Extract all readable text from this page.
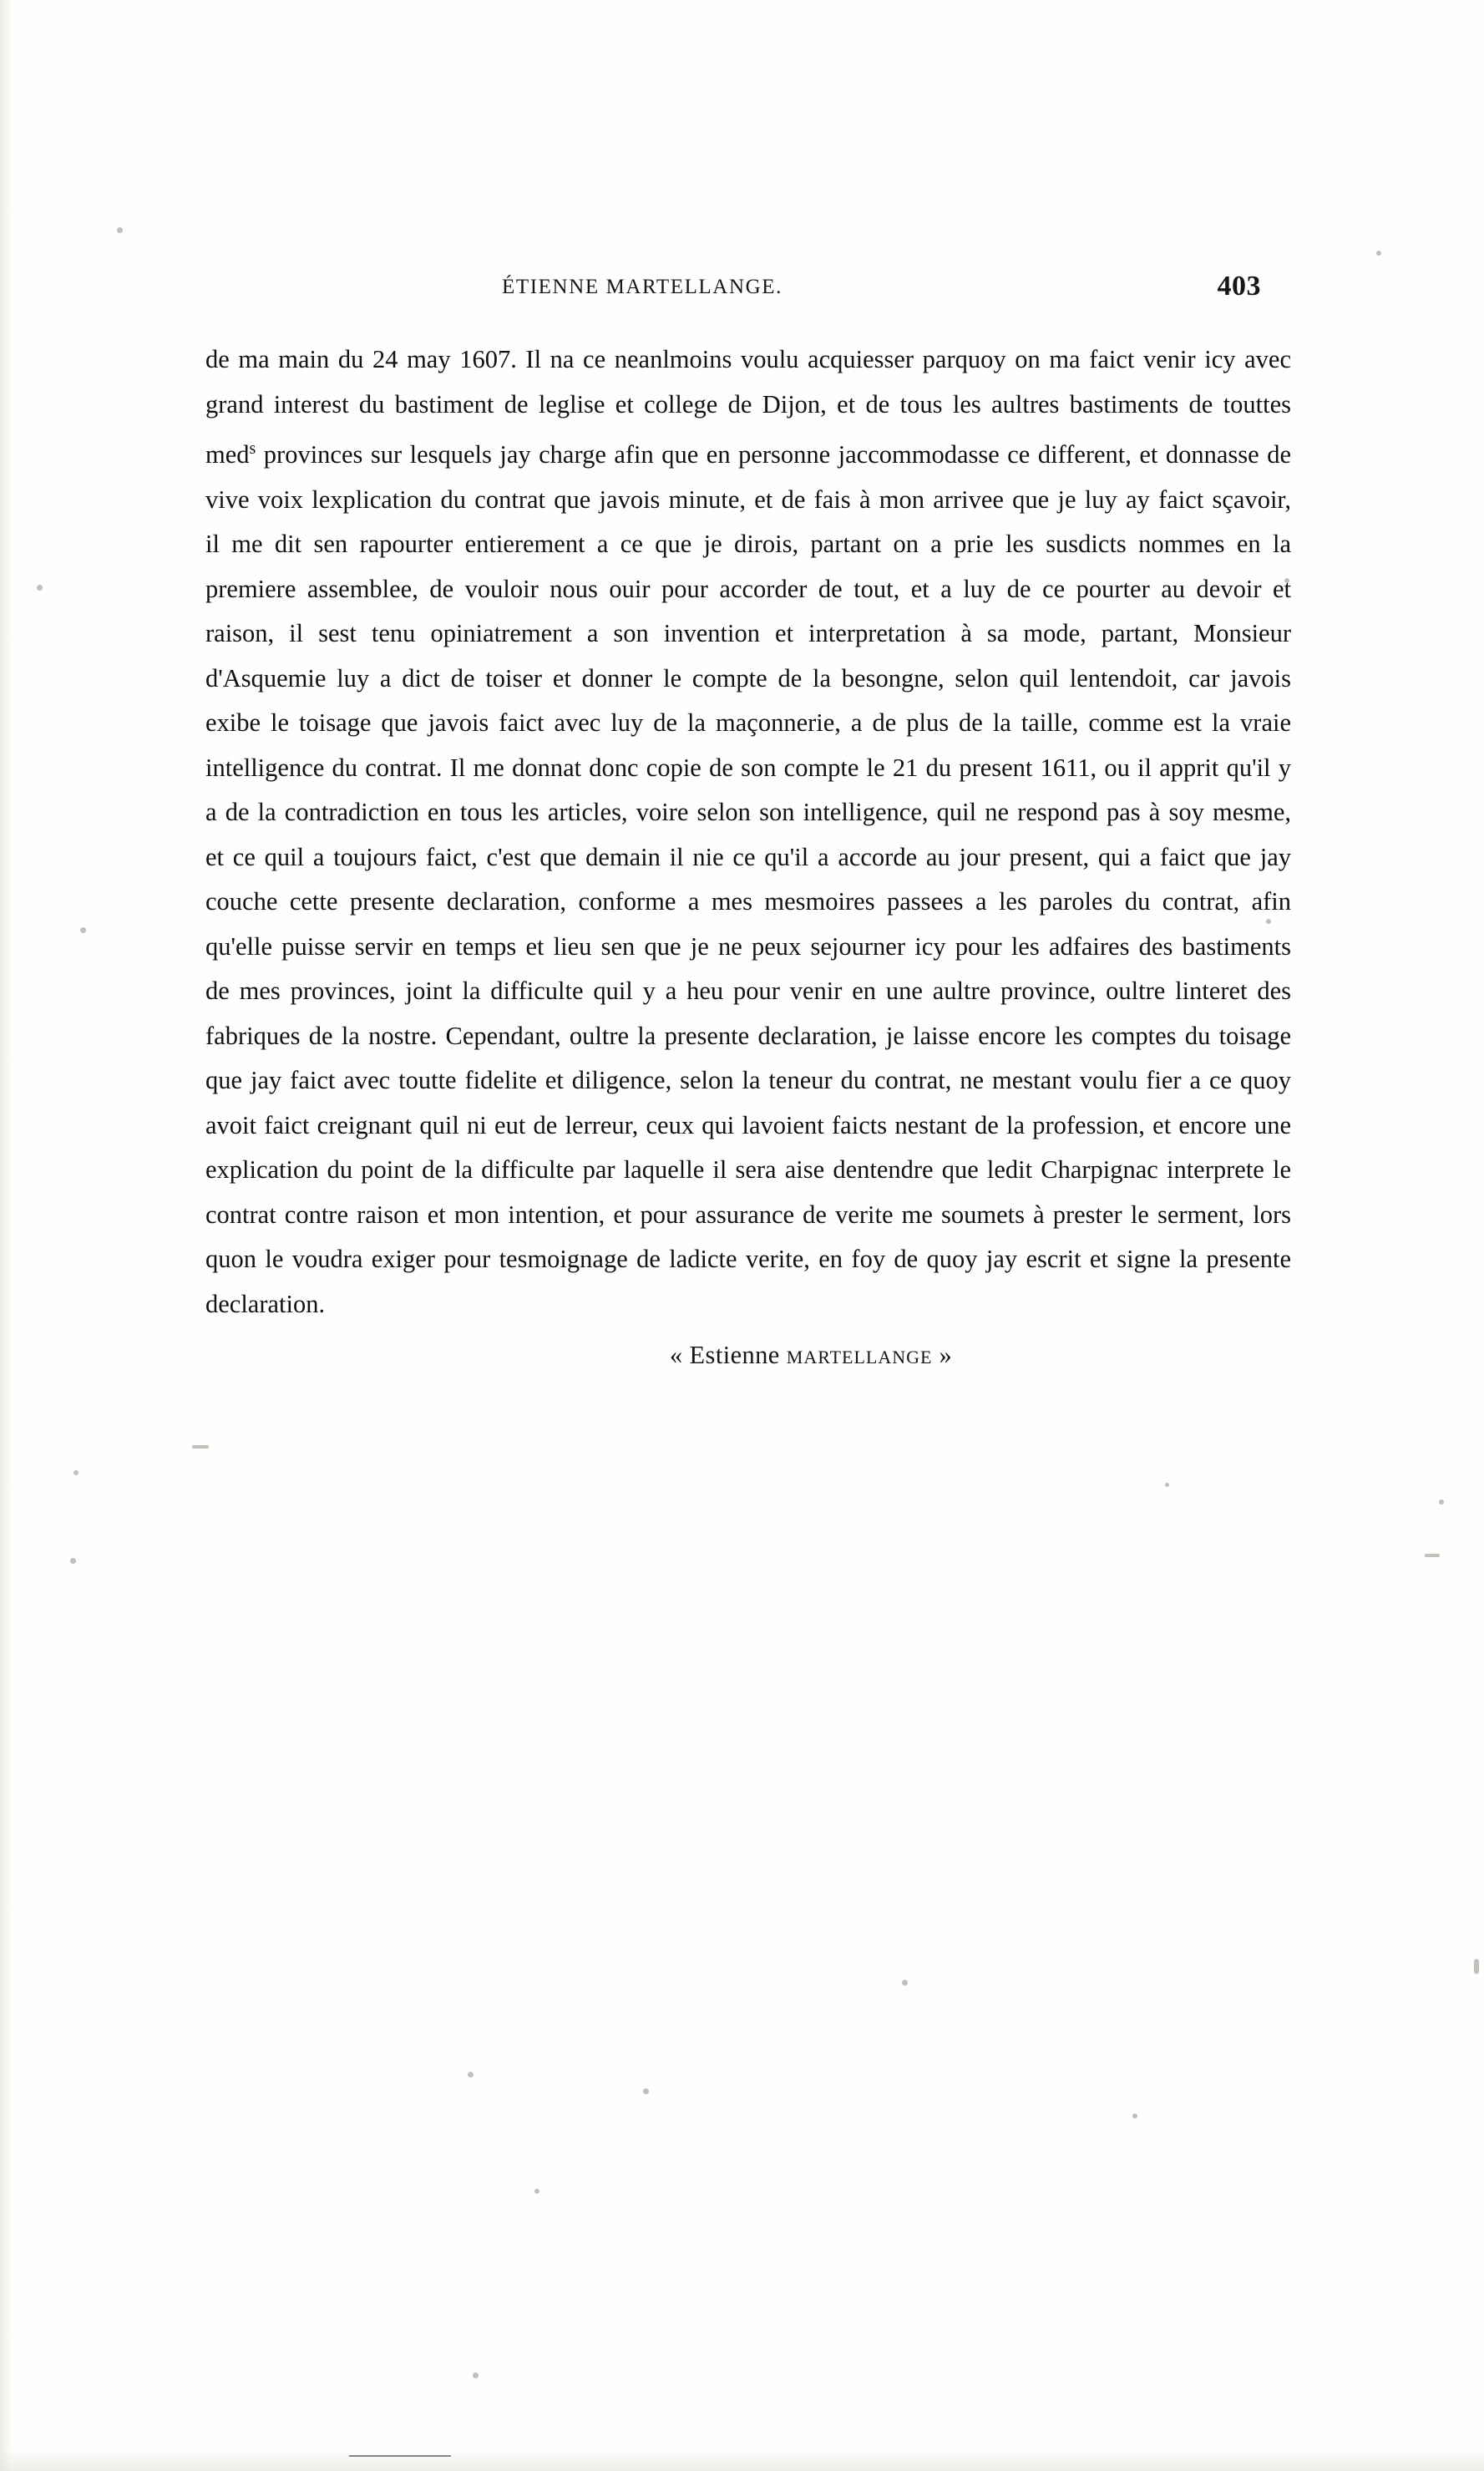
ÉTIENNE MARTELLANGE.	403

de ma main du 24 may 1607. Il na ce neanlmoins voulu acquiesser parquoy on ma faict venir icy avec grand interest du bastiment de leglise et college de Dijon, et de tous les aultres bastiments de touttes med$^s$ provinces sur lesquels jay charge afin que en personne jaccommodasse ce different, et donnasse de vive voix lexplication du contrat que javois minute, et de fais à mon arrivee que je luy ay faict sçavoir, il me dit sen rapourter entierement a ce que je dirois, partant on a prie les susdicts nommes en la premiere assemblee, de vouloir nous ouir pour accorder de tout, et a luy de ce pourter au devoir et raison, il sest tenu opiniatrement a son invention et interpretation à sa mode, partant, Monsieur d'Asquemie luy a dict de toiser et donner le compte de la besongne, selon quil lentendoit, car javois exibe le toisage que javois faict avec luy de la maçonnerie, a de plus de la taille, comme est la vraie intelligence du contrat. Il me donnat donc copie de son compte le 21 du present 1611, ou il apprit qu'il y a de la contradiction en tous les articles, voire selon son intelligence, quil ne respond pas à soy mesme, et ce quil a toujours faict, c'est que demain il nie ce qu'il a accorde au jour present, qui a faict que jay couche cette presente declaration, conforme a mes mesmoires passees a les paroles du contrat, afin qu'elle puisse servir en temps et lieu sen que je ne peux sejourner icy pour les adfaires des bastiments de mes provinces, joint la difficulte quil y a heu pour venir en une aultre province, oultre linteret des fabriques de la nostre. Cependant, oultre la presente declaration, je laisse encore les comptes du toisage que jay faict avec toutte fidelite et diligence, selon la teneur du contrat, ne mestant voulu fier a ce quoy avoit faict creignant quil ni eut de lerreur, ceux qui lavoient faicts nestant de la profession, et encore une explication du point de la difficulte par laquelle il sera aise dentendre que ledit Charpignac interprete le contrat contre raison et mon intention, et pour assurance de verite me soumets à prester le serment, lors quon le voudra exiger pour tesmoignage de ladicte verite, en foy de quoy jay escrit et signe la presente declaration.

« Estienne martellange »
